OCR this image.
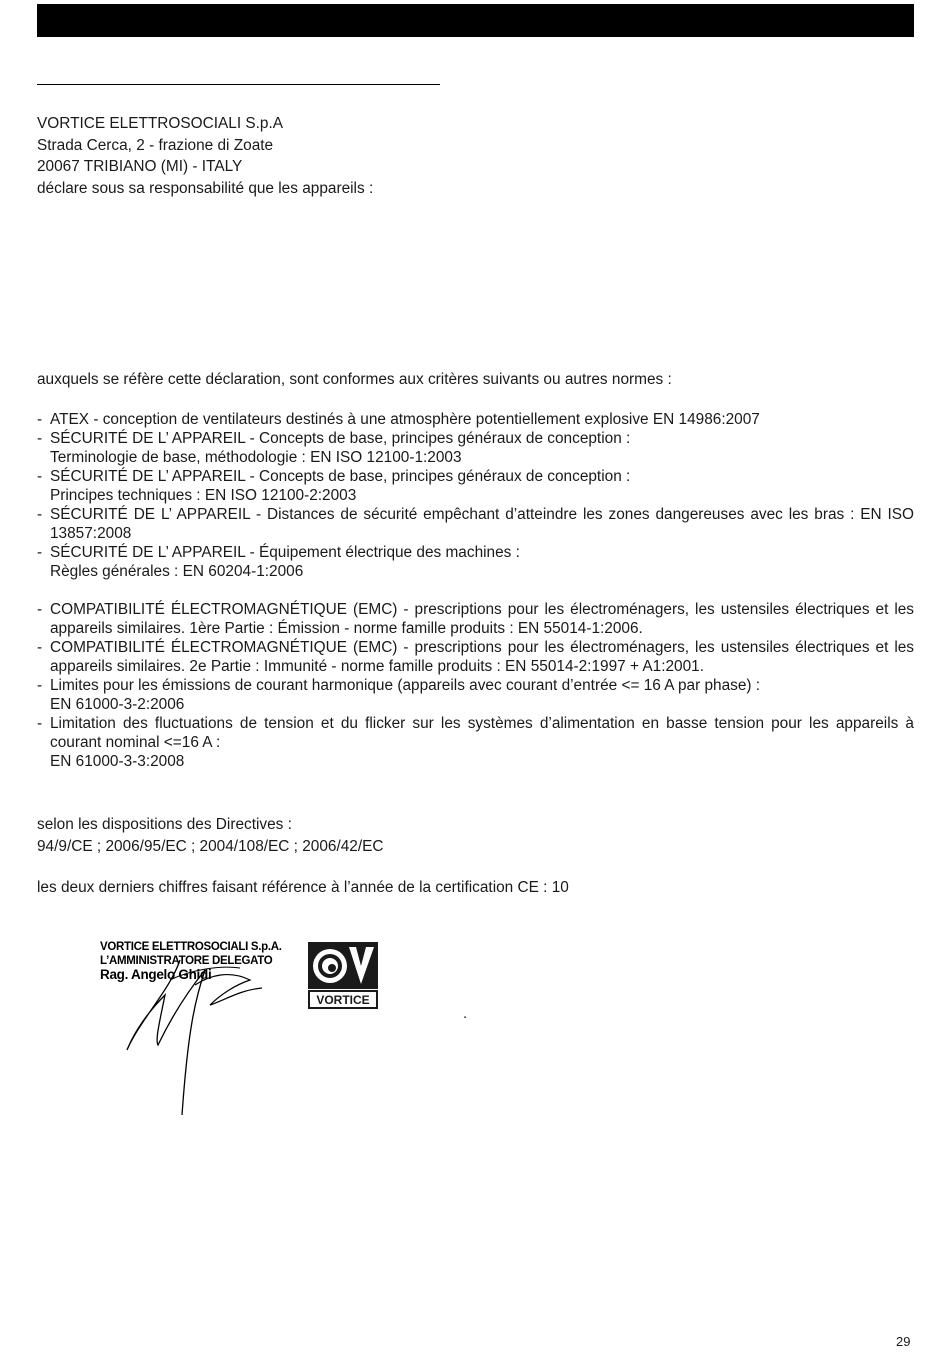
VORTICE ELETTROSOCIALI S.p.A
Strada Cerca, 2 - frazione di Zoate
20067 TRIBIANO (MI) - ITALY
déclare sous sa responsabilité que les appareils :
auxquels se réfère cette déclaration, sont conformes aux critères suivants ou autres normes :
- ATEX - conception de ventilateurs destinés à une atmosphère potentiellement explosive EN 14986:2007
- SÉCURITÉ DE L’ APPAREIL - Concepts de base, principes généraux de conception :
Terminologie de base, méthodologie : EN ISO 12100-1:2003
- SÉCURITÉ DE L’ APPAREIL - Concepts de base, principes généraux de conception :
Principes techniques : EN ISO 12100-2:2003
- SÉCURITÉ DE L’ APPAREIL - Distances de sécurité empêchant d’atteindre les zones dangereuses avec les bras : EN ISO 13857:2008
- SÉCURITÉ DE L’ APPAREIL - Équipement électrique des machines :
Règles générales : EN 60204-1:2006
- COMPATIBILITÉ ÉLECTROMAGNÉTIQUE (EMC) - prescriptions pour les électroménagers, les ustensiles électriques et les appareils similaires. 1ère Partie : Émission - norme famille produits : EN 55014-1:2006.
- COMPATIBILITÉ ÉLECTROMAGNÉTIQUE (EMC) - prescriptions pour les électroménagers, les ustensiles électriques et les appareils similaires. 2e Partie : Immunité - norme famille produits : EN 55014-2:1997 + A1:2001.
- Limites pour les émissions de courant harmonique (appareils avec courant d’entrée <= 16 A par phase) :
EN 61000-3-2:2006
- Limitation des fluctuations de tension et du flicker sur les systèmes d’alimentation en basse tension pour les appareils à courant nominal <=16 A :
EN 61000-3-3:2008
selon les dispositions des Directives :
94/9/CE ; 2006/95/EC ; 2004/108/EC ; 2006/42/EC
les deux derniers chiffres faisant référence à l’année de la certification CE : 10
VORTICE ELETTROSOCIALI S.p.A.
L’AMMINISTRATORE DELEGATO
Rag. Angelo Ghidi
VORTICE
.
29
